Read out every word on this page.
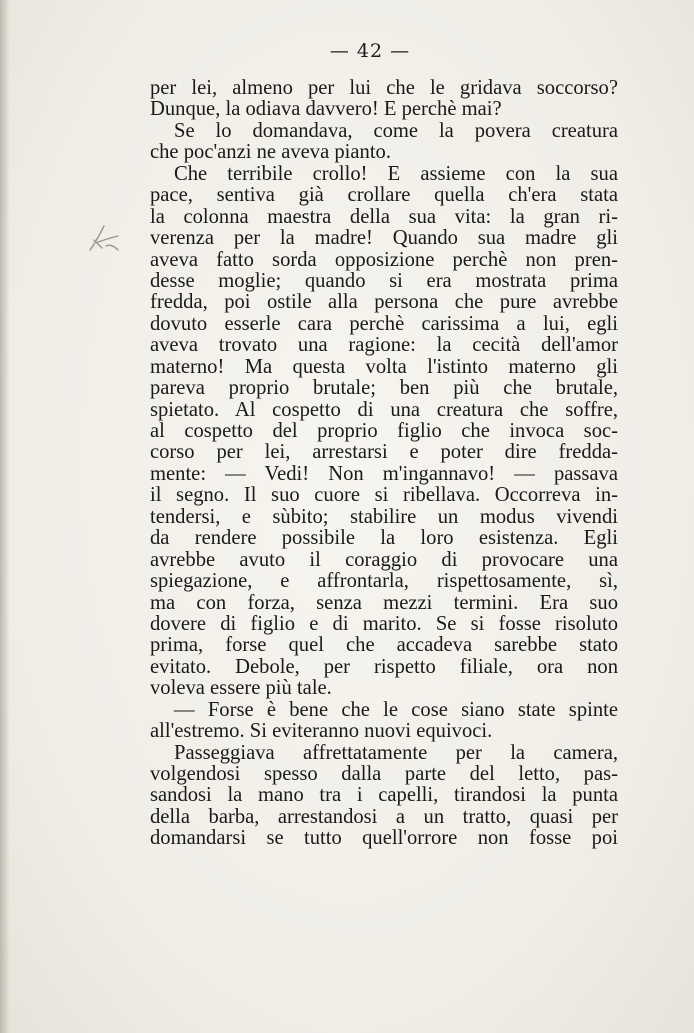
— 42 —
per lei, almeno per lui che le gridava soccorso?
Dunque, la odiava davvero! E perchè mai?
Se lo domandava, come la povera creatura
che poc'anzi ne aveva pianto.
Che terribile crollo! E assieme con la sua
pace, sentiva già crollare quella ch'era stata
la colonna maestra della sua vita: la gran ri-
verenza per la madre! Quando sua madre gli
aveva fatto sorda opposizione perchè non pren-
desse moglie; quando si era mostrata prima
fredda, poi ostile alla persona che pure avrebbe
dovuto esserle cara perchè carissima a lui, egli
aveva trovato una ragione: la cecità dell'amor
materno! Ma questa volta l'istinto materno gli
pareva proprio brutale; ben più che brutale,
spietato. Al cospetto di una creatura che soffre,
al cospetto del proprio figlio che invoca soc-
corso per lei, arrestarsi e poter dire fredda-
mente: — Vedi! Non m'ingannavo! — passava
il segno. Il suo cuore si ribellava. Occorreva in-
tendersi, e sùbito; stabilire un modus vivendi
da rendere possibile la loro esistenza. Egli
avrebbe avuto il coraggio di provocare una
spiegazione, e affrontarla, rispettosamente, sì,
ma con forza, senza mezzi termini. Era suo
dovere di figlio e di marito. Se si fosse risoluto
prima, forse quel che accadeva sarebbe stato
evitato. Debole, per rispetto filiale, ora non
voleva essere più tale.
— Forse è bene che le cose siano state spinte
all'estremo. Si eviteranno nuovi equivoci.
Passeggiava affrettatamente per la camera,
volgendosi spesso dalla parte del letto, pas-
sandosi la mano tra i capelli, tirandosi la punta
della barba, arrestandosi a un tratto, quasi per
domandarsi se tutto quell'orrore non fosse poi
